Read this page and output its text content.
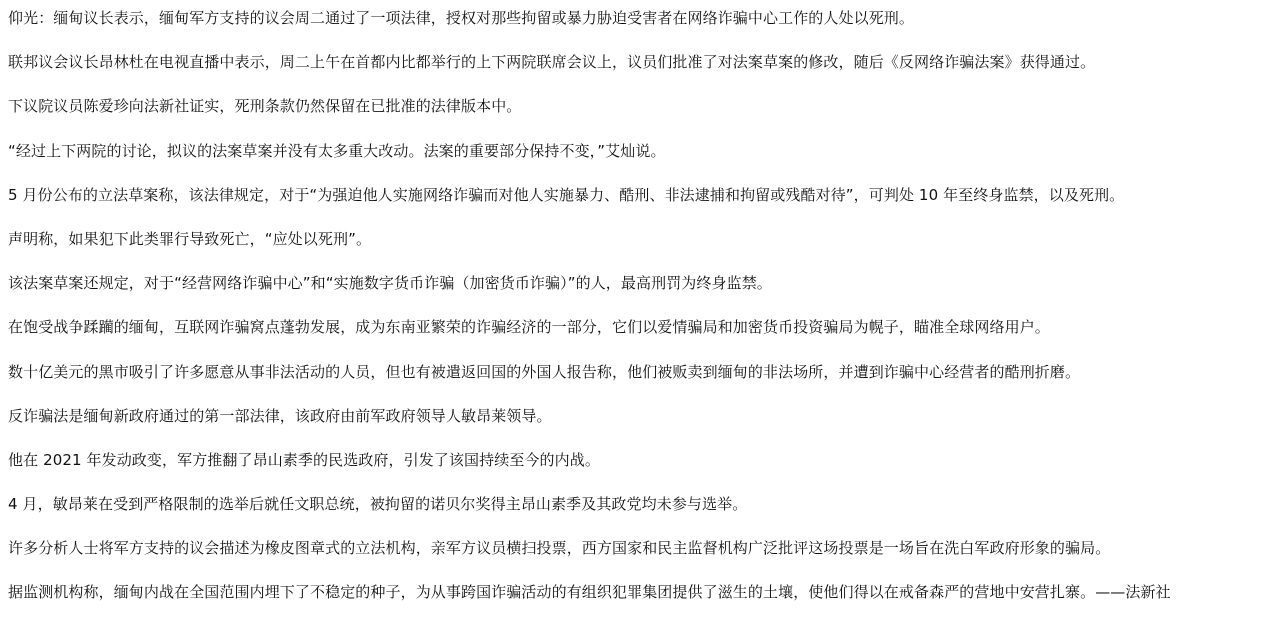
仰光：缅甸议长表示，缅甸军方支持的议会周二通过了一项法律，授权对那些拘留或暴力胁迫受害者在网络诈骗中心工作的人处以死刑。

联邦议会议长昂林杜在电视直播中表示，周二上午在首都内比都举行的上下两院联席会议上，议员们批准了对法案草案的修改，随后《反网络诈骗法案》获得通过。

下议院议员陈爱珍向法新社证实，死刑条款仍然保留在已批准的法律版本中。

“经过上下两院的讨论，拟议的法案草案并没有太多重大改动。法案的重要部分保持不变，”艾灿说。

5 月份公布的立法草案称，该法律规定，对于“为强迫他人实施网络诈骗而对他人实施暴力、酷刑、非法逮捕和拘留或残酷对待”，可判处 10 年至终身监禁，以及死刑。

声明称，如果犯下此类罪行导致死亡，“应处以死刑”。

该法案草案还规定，对于“经营网络诈骗中心”和“实施数字货币诈骗（加密货币诈骗）”的人，最高刑罚为终身监禁。

在饱受战争蹂躏的缅甸，互联网诈骗窝点蓬勃发展，成为东南亚繁荣的诈骗经济的一部分，它们以爱情骗局和加密货币投资骗局为幌子，瞄准全球网络用户。

数十亿美元的黑市吸引了许多愿意从事非法活动的人员，但也有被遣返回国的外国人报告称，他们被贩卖到缅甸的非法场所，并遭到诈骗中心经营者的酷刑折磨。

反诈骗法是缅甸新政府通过的第一部法律，该政府由前军政府领导人敏昂莱领导。

他在 2021 年发动政变，军方推翻了昂山素季的民选政府，引发了该国持续至今的内战。

4 月，敏昂莱在受到严格限制的选举后就任文职总统，被拘留的诺贝尔奖得主昂山素季及其政党均未参与选举。

许多分析人士将军方支持的议会描述为橡皮图章式的立法机构，亲军方议员横扫投票，西方国家和民主监督机构广泛批评这场投票是一场旨在洗白军政府形象的骗局。

据监测机构称，缅甸内战在全国范围内埋下了不稳定的种子，为从事跨国诈骗活动的有组织犯罪集团提供了滋生的土壤，使他们得以在戒备森严的营地中安营扎寨。——法新社
